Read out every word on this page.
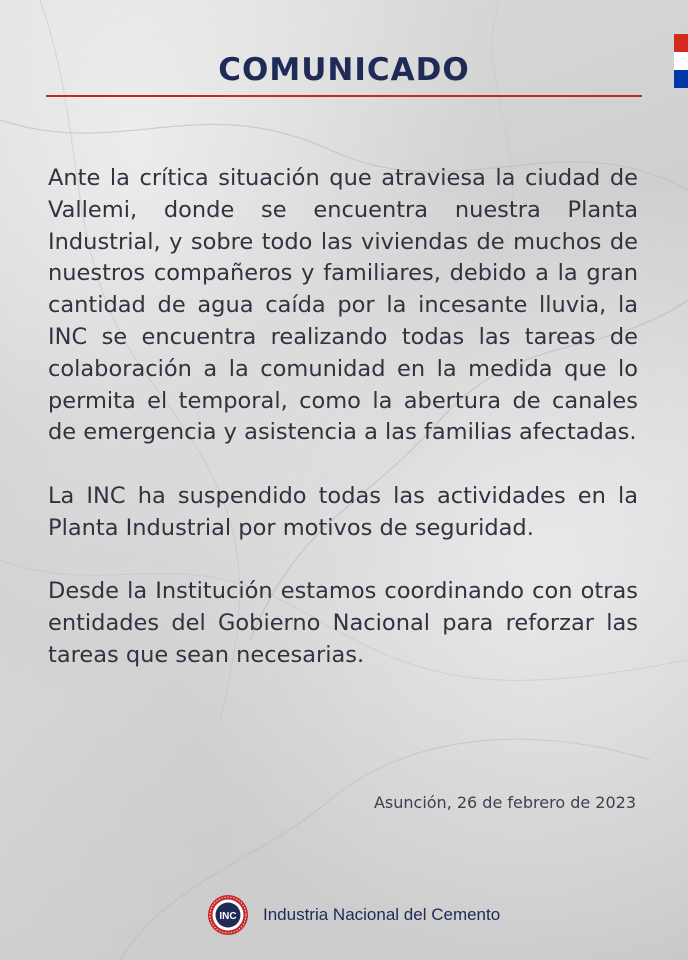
COMUNICADO

Ante la crítica situación que atraviesa la ciudad de Vallemi, donde se encuentra nuestra Planta Industrial, y sobre todo las viviendas de muchos de nuestros compañeros y familiares, debido a la gran cantidad de agua caída por la incesante lluvia, la INC se encuentra realizando todas las tareas de colaboración a la comunidad en la medida que lo permita el temporal, como la abertura de canales de emergencia y asistencia a las familias afectadas.

La INC ha suspendido todas las actividades en la Planta Industrial por motivos de seguridad.

Desde la Institución estamos coordinando con otras entidades del Gobierno Nacional para reforzar las tareas que sean necesarias.

Asunción, 26 de febrero de 2023
INC Industria Nacional del Cemento
